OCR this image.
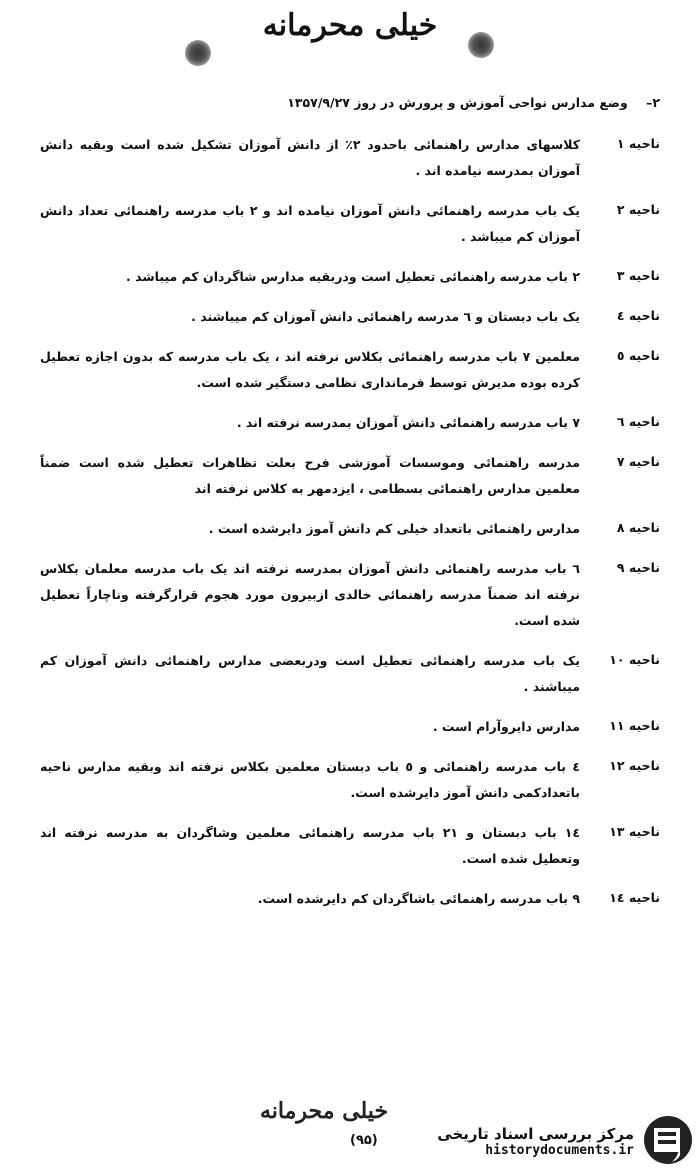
خیلی محرمانه
۲– وضع مدارس نواحی آموزش و پرورش در روز ۱۳۵۷/۹/۲۷
ناحیه ۱
کلاسهای مدارس راهنمائی باحدود ۲٪ از دانش آموزان تشکیل شده است وبقیه دانش آموزان بمدرسه نیامده اند .
ناحیه ۲
یک باب مدرسه راهنمائی دانش آموزان نیامده اند و ۲ باب مدرسه راهنمائی تعداد دانش آموزان کم میباشد .
ناحیه ۳
۲ باب مدرسه راهنمائی تعطیل است ودربقیه مدارس شاگردان کم میباشد .
ناحیه ٤
یک باب دبستان و ٦ مدرسه راهنمائی دانش آموزان کم میباشند .
ناحیه ٥
معلمین ۷ باب مدرسه راهنمائی بکلاس نرفته اند ، یک باب مدرسه که بدون اجازه تعطیل کرده بوده مدیرش توسط فرمانداری نظامی دستگیر شده است.
ناحیه ٦
۷ باب مدرسه راهنمائی دانش آموزان بمدرسه نرفته اند .
ناحیه ۷
مدرسه راهنمائی وموسسات آموزشی فرح بعلت تظاهرات تعطیل شده است ضمناً معلمین مدارس راهنمائی بسطامی ، ایزدمهر به کلاس نرفته اند
ناحیه ۸
مدارس راهنمائی باتعداد خیلی کم دانش آموز دایرشده است .
ناحیه ۹
٦ باب مدرسه راهنمائی دانش آموزان بمدرسه نرفته اند یک باب مدرسه معلمان بکلاس نرفته اند ضمناً مدرسه راهنمائی خالدی ازبیرون مورد هجوم قرارگرفته وناچاراً تعطیل شده است.
ناحیه ۱۰
یک باب مدرسه راهنمائی تعطیل است ودربعضی مدارس راهنمائی دانش آموزان کم میباشند .
ناحیه ۱۱
مدارس دایروآرام است .
ناحیه ۱۲
٤ باب مدرسه راهنمائی و ٥ باب دبستان معلمین بکلاس نرفته اند وبقیه مدارس ناحیه باتعدادکمی دانش آموز دایرشده است.
ناحیه ۱۳
۱٤ باب دبستان و ۲۱ باب مدرسه راهنمائی معلمین وشاگردان به مدرسه نرفته اند وتعطیل شده است.
ناحیه ۱٤
۹ باب مدرسه راهنمائی باشاگردان کم دایرشده است.
خیلی محرمانه
(۹۵)	مرکز بررسی اسناد تاریخی
historydocuments.ir
